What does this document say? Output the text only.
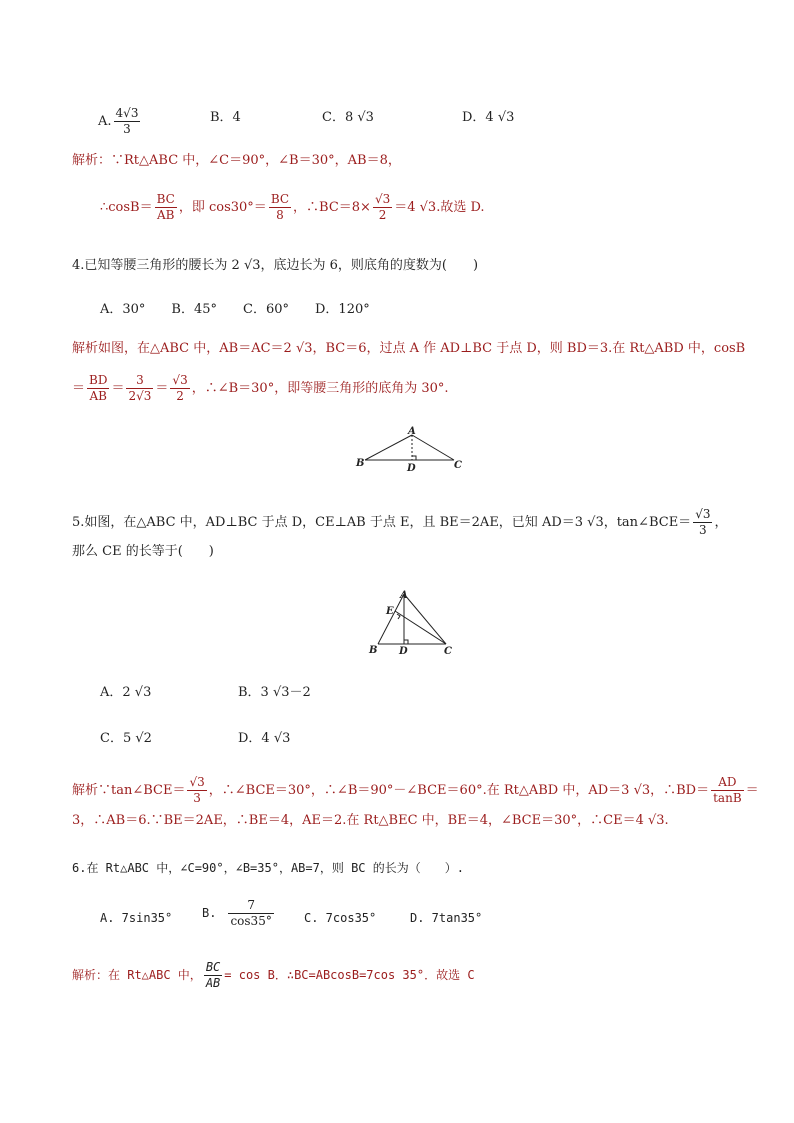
A. $\frac{4√3}{3}$	B．4	C．8 √3	D．4 √3
解析：∵Rt△ABC 中，∠C＝90°，∠B＝30°，AB＝8，
∴cosB＝ $\frac{BC}{AB}$ ，即 $\cos 30^\circ= \frac{BC}{8}$ ，∴BC＝8× $\frac{√3}{2} =4$ √3.故选 D.
4.已知等腰三角形的腰长为 2 √3，底边长为 6，则底角的度数为(　　)
A．30°　　B．45°　　C．60°　　D．120°
解析如图，在△ABC 中，AB＝AC＝2 √3，BC＝6，过点 A 作 AD⊥BC 于点 D，则 BD＝3.在 Rt△ABD 中，cosB
＝ $\frac{BD}{AB} = \frac{3}{2√3} = \frac{√3}{2}$ ，∴∠B＝30°，即等腰三角形的底角为 30°.
A
B	C
D
5.如图，在△ABC 中，AD⊥BC 于点 D，CE⊥AB 于点 E，且 BE＝2AE，已知 AD＝3 √3，tan∠BCE＝ $\frac{√3}{3}$ ，
那么 CE 的长等于(　　)
A
E
B D	C
A．2 √3	B．3 √3－2
C．5 √2	D．4 √3
解析∵tan∠BCE＝ $\frac{√3}{3}$ ，∴∠BCE＝30°，∴∠B＝90°－∠BCE＝60°.在 Rt△ABD 中，AD＝3 √3，∴BD＝ $\frac{AD}{\tan B}$ ＝
3，∴AB＝6.∵BE＝2AE，∴BE＝4，AE＝2.在 Rt△BEC 中，BE＝4，∠BCE＝30°，∴CE＝4 √3.
6.在 Rt△ABC 中，∠C=90°，∠B=35°，AB=7，则 BC 的长为（　　）.
A. 7sin35° B. $\frac{7}{\cos 35^\circ}$	C. 7cos35°	D. 7tan35°
解析：在 Rt△ABC 中， $\frac{BC}{AB} = \cos B$．∴BC=ABcosB=7cos 35°．故选 C
